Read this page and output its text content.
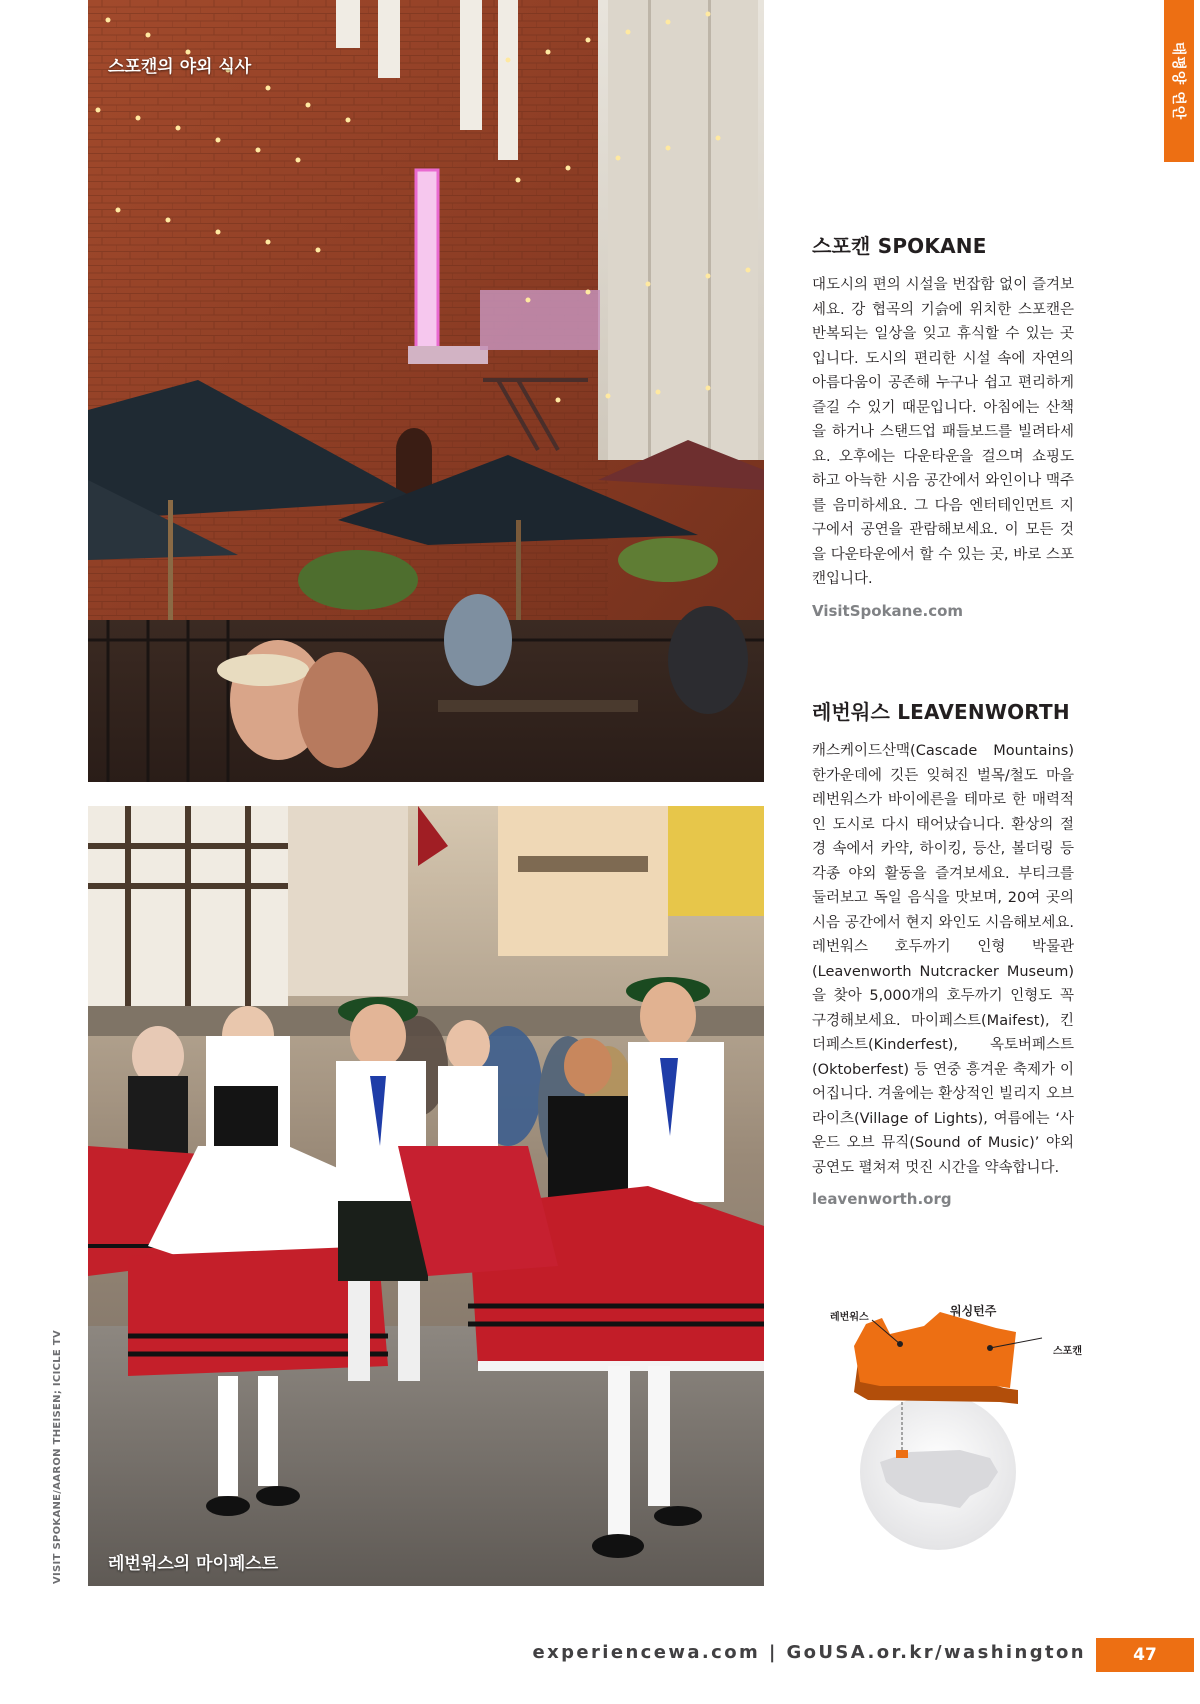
태평양 연안
VISIT SPOKANE/AARON THEISEN; ICICLE TV
스포캔의 야외 식사
레번워스의 마이페스트
스포캔 SPOKANE

대도시의 편의 시설을 번잡함 없이 즐겨보세요. 강 협곡의 기슭에 위치한 스포캔은 반복되는 일상을 잊고 휴식할 수 있는 곳입니다. 도시의 편리한 시설 속에 자연의 아름다움이 공존해 누구나 쉽고 편리하게 즐길 수 있기 때문입니다. 아침에는 산책을 하거나 스탠드업 패들보드를 빌려타세요. 오후에는 다운타운을 걸으며 쇼핑도 하고 아늑한 시음 공간에서 와인이나 맥주를 음미하세요. 그 다음 엔터테인먼트 지구에서 공연을 관람해보세요. 이 모든 것을 다운타운에서 할 수 있는 곳, 바로 스포캔입니다.

VisitSpokane.com
레번워스 LEAVENWORTH

캐스케이드산맥(Cascade Mountains) 한가운데에 깃든 잊혀진 벌목/철도 마을 레번워스가 바이에른을 테마로 한 매력적인 도시로 다시 태어났습니다. 환상의 절경 속에서 카약, 하이킹, 등산, 볼더링 등 각종 야외 활동을 즐겨보세요. 부티크를 둘러보고 독일 음식을 맛보며, 20여 곳의 시음 공간에서 현지 와인도 시음해보세요. 레번워스 호두까기 인형 박물관(Leavenworth Nutcracker Museum)을 찾아 5,000개의 호두까기 인형도 꼭 구경해보세요. 마이페스트(Maifest), 킨더페스트(Kinderfest), 옥토버페스트(Oktoberfest) 등 연중 흥겨운 축제가 이어집니다. 겨울에는 환상적인 빌리지 오브 라이츠(Village of Lights), 여름에는 ‘사운드 오브 뮤직(Sound of Music)’ 야외 공연도 펼쳐져 멋진 시간을 약속합니다.

leavenworth.org
레번워스	워싱턴주
스포캔
experiencewa.com | GoUSA.or.kr/washington	47
